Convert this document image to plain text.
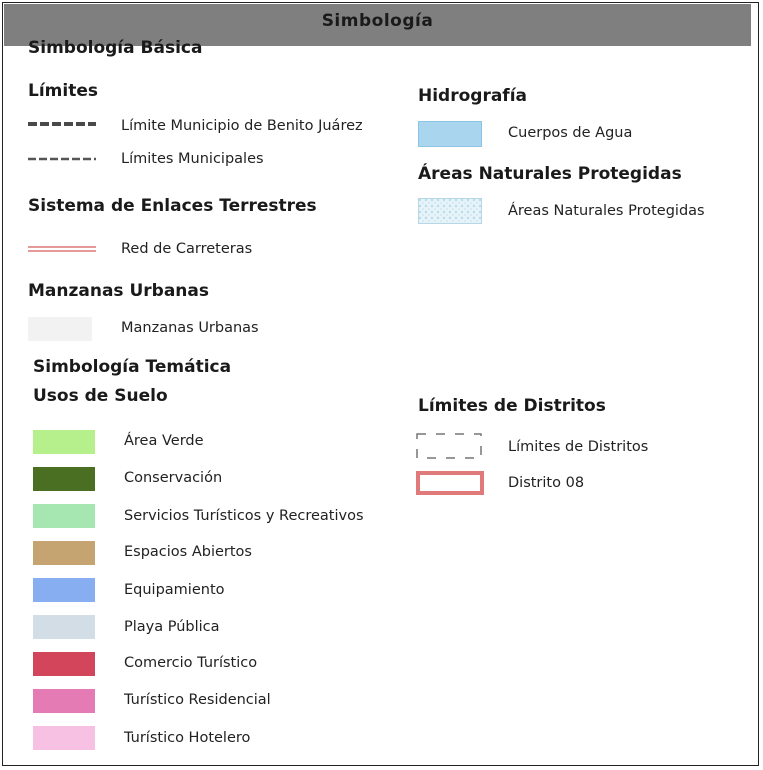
Simbología
Simbología Básica
Límites
Límite Municipio de Benito Juárez
Límites Municipales
Sistema de Enlaces Terrestres
Red de Carreteras
Manzanas Urbanas
Manzanas Urbanas
Hidrografía
Cuerpos de Agua
Áreas Naturales Protegidas
Áreas Naturales Protegidas
Simbología Temática
Usos de Suelo
Área Verde
Conservación
Servicios Turísticos y Recreativos
Espacios Abiertos
Equipamiento
Playa Pública
Comercio Turístico
Turístico Residencial
Turístico Hotelero
Límites de Distritos
Límites de Distritos
Distrito 08
